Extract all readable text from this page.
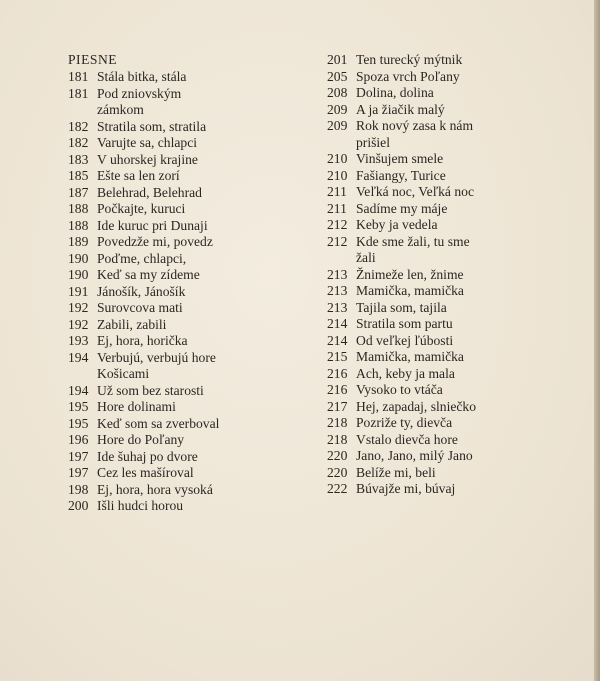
PIESNE
181 Stála bitka, stála
181 Pod zniovským
zámkom
182 Stratila som, stratila
182 Varujte sa, chlapci
183 V uhorskej krajine
185 Ešte sa len zorí
187 Belehrad, Belehrad
188 Počkajte, kuruci
188 Ide kuruc pri Dunaji
189 Povedzže mi, povedz
190 Poďme, chlapci,
190 Keď sa my zídeme
191 Jánošík, Jánošík
192 Surovcova mati
192 Zabili, zabili
193 Ej, hora, horička
194 Verbujú, verbujú hore
Košicami
194 Už som bez starosti
195 Hore dolinami
195 Keď som sa zverboval
196 Hore do Poľany
197 Ide šuhaj po dvore
197 Cez les mašíroval
198 Ej, hora, hora vysoká
200 Išli hudci horou
201 Ten turecký mýtnik
205 Spoza vrch Poľany
208 Dolina, dolina
209 A ja žiačik malý
209 Rok nový zasa k nám
prišiel
210 Vinšujem smele
210 Fašiangy, Turice
211 Veľká noc, Veľká noc
211 Sadíme my máje
212 Keby ja vedela
212 Kde sme žali, tu sme
žali
213 Žnimeže len, žnime
213 Mamička, mamička
213 Tajila som, tajila
214 Stratila som partu
214 Od veľkej ľúbosti
215 Mamička, mamička
216 Ach, keby ja mala
216 Vysoko to vtáča
217 Hej, zapadaj, slniečko
218 Pozriže ty, dievča
218 Vstalo dievča hore
220 Jano, Jano, milý Jano
220 Belíže mi, beli
222 Búvajže mi, búvaj
